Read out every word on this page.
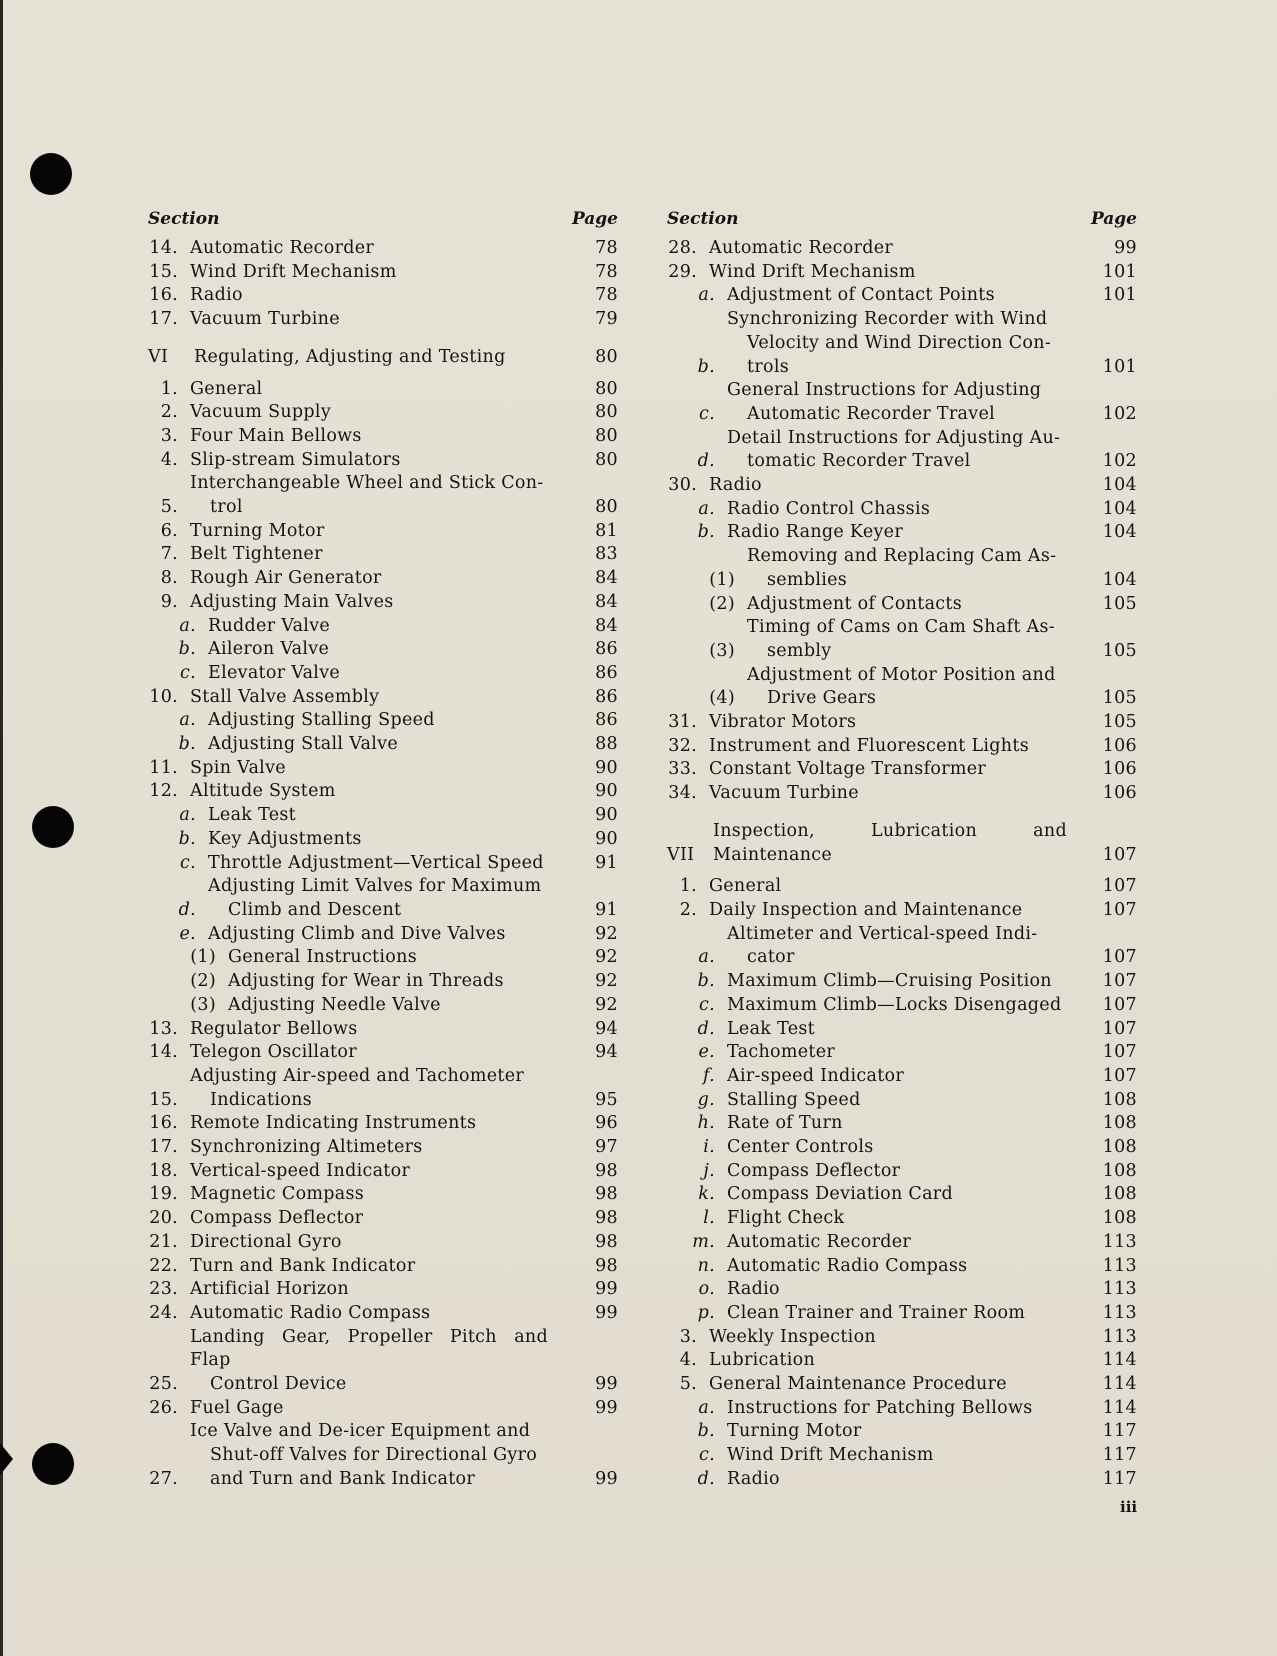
Section	Page
14. Automatic Recorder	78
15. Wind Drift Mechanism	78
16. Radio	78
17. Vacuum Turbine	79
VI	Regulating, Adjusting and Testing	80
1. General	80
2. Vacuum Supply	80
3. Four Main Bellows	80
4. Slip-stream Simulators	80
5.
Interchangeable Wheel and Stick Con-
trol	80
6. Turning Motor	81
7. Belt Tightener	83
8. Rough Air Generator	84
9. Adjusting Main Valves	84
a. Rudder Valve	84
b. Aileron Valve	86
c. Elevator Valve	86
10. Stall Valve Assembly	86
a. Adjusting Stalling Speed	86
b. Adjusting Stall Valve	88
11. Spin Valve	90
12. Altitude System	90
a. Leak Test	90
b. Key Adjustments	90
c. Throttle Adjustment—Vertical Speed	91
d.
Adjusting Limit Valves for Maximum
Climb and Descent	91
e. Adjusting Climb and Dive Valves	92
(1) General Instructions	92
(2) Adjusting for Wear in Threads	92
(3) Adjusting Needle Valve	92
13. Regulator Bellows	94
14. Telegon Oscillator	94
15.
Adjusting Air-speed and Tachometer
Indications	95
16. Remote Indicating Instruments	96
17. Synchronizing Altimeters	97
18. Vertical-speed Indicator	98
19. Magnetic Compass	98
20. Compass Deflector	98
21. Directional Gyro	98
22. Turn and Bank Indicator	98
23. Artificial Horizon	99
24. Automatic Radio Compass	99
25.
Landing Gear, Propeller Pitch and Flap
Control Device	99
26. Fuel Gage	99
27.
Ice Valve and De-icer Equipment and
Shut-off Valves for Directional Gyro
and Turn and Bank Indicator	99
Section	Page
28. Automatic Recorder	99
29. Wind Drift Mechanism	101
a. Adjustment of Contact Points	101
b.
Synchronizing Recorder with Wind
Velocity and Wind Direction Con-
trols	101
c.
General Instructions for Adjusting
Automatic Recorder Travel	102
d.
Detail Instructions for Adjusting Au-
tomatic Recorder Travel	102
30. Radio	104
a. Radio Control Chassis	104
b. Radio Range Keyer	104
(1)
Removing and Replacing Cam As-
semblies	104
(2) Adjustment of Contacts	105
(3)
Timing of Cams on Cam Shaft As-
sembly	105
(4)
Adjustment of Motor Position and
Drive Gears	105
31. Vibrator Motors	105
32. Instrument and Fluorescent Lights	106
33. Constant Voltage Transformer	106
34. Vacuum Turbine	106
VII
Inspection, Lubrication and Maintenance	107
1. General	107
2. Daily Inspection and Maintenance	107
a.
Altimeter and Vertical-speed Indi-
cator	107
b. Maximum Climb—Cruising Position	107
c. Maximum Climb—Locks Disengaged	107
d. Leak Test	107
e. Tachometer	107
f. Air-speed Indicator	107
g. Stalling Speed	108
h. Rate of Turn	108
i. Center Controls	108
j. Compass Deflector	108
k. Compass Deviation Card	108
l. Flight Check	108
m. Automatic Recorder	113
n. Automatic Radio Compass	113
o. Radio	113
p. Clean Trainer and Trainer Room	113
3. Weekly Inspection	113
4. Lubrication	114
5. General Maintenance Procedure	114
a. Instructions for Patching Bellows	114
b. Turning Motor	117
c. Wind Drift Mechanism	117
d. Radio	117
iii
